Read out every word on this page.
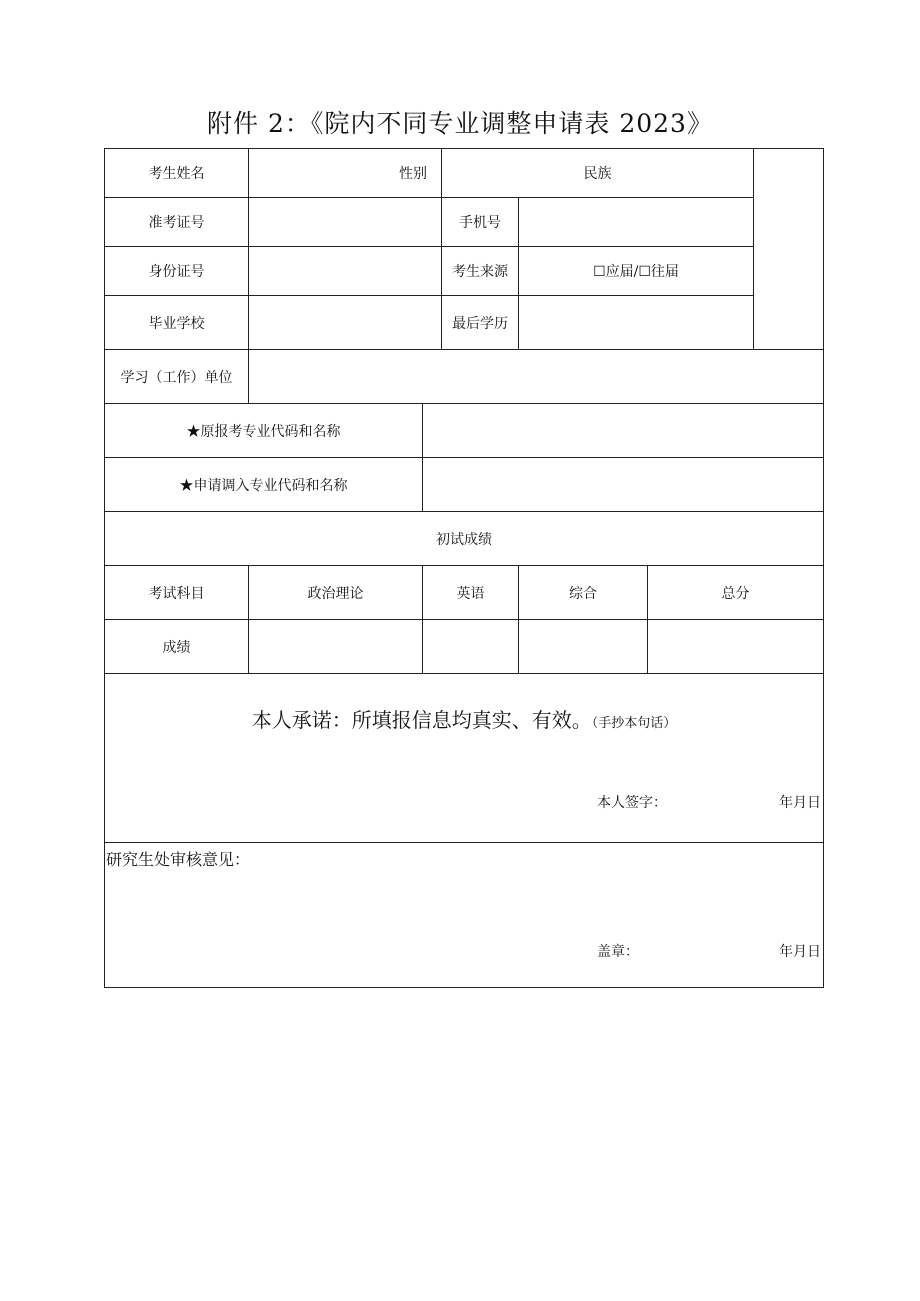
附件 2：《院内不同专业调整申请表 2023》
考生姓名	性别		民族			
准考证号			手机号			
身份证号			考生来源	☐应届/☐往届		
毕业学校			最后学历			
学习（工作）单位						
★原报考专业代码和名称						
★申请调入专业代码和名称						
初试成绩						
考试科目	政治理论	英语		综合	总分	
成绩						

本人承诺：所填报信息均真实、有效。（手抄本句话）
本人签字： 年月日						

研究生处审核意见：
盖章： 年月日						
